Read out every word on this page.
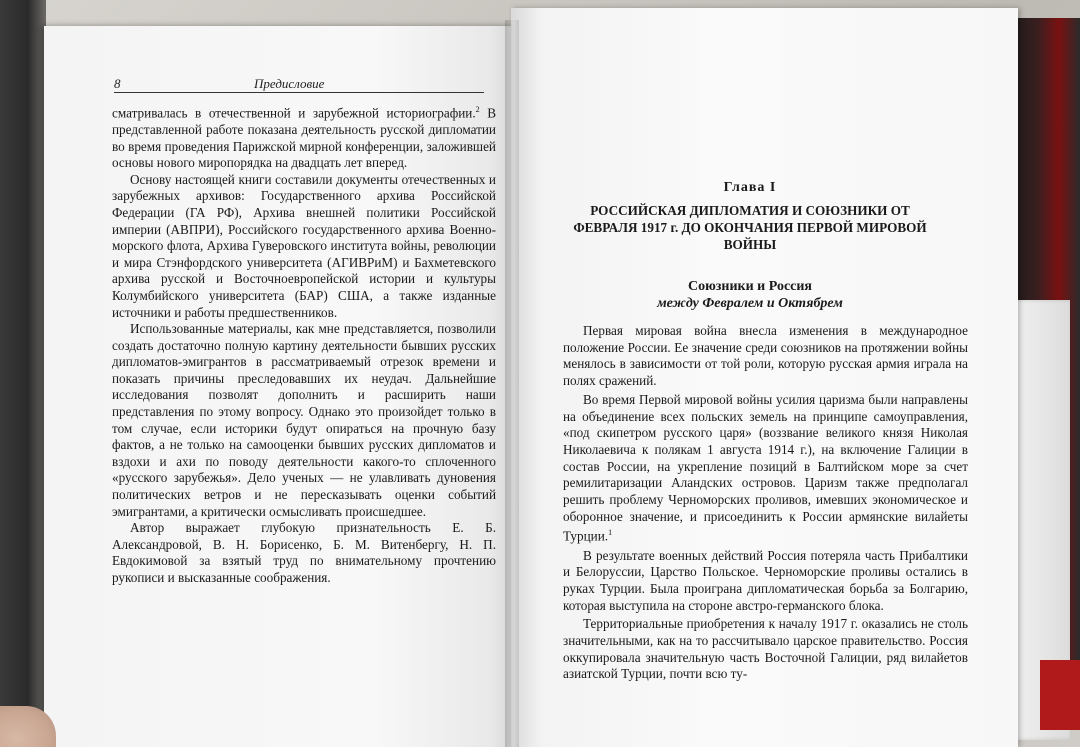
8	Предисловие

сматривалась в отечественной и зарубежной историографии.$^2$ В представленной работе показана деятельность русской дипломатии во время проведения Парижской мирной конференции, заложившей основы нового миропорядка на двадцать лет вперед.

Основу настоящей книги составили документы отечественных и зарубежных архивов: Государственного архива Российской Федерации (ГА РФ), Архива внешней политики Российской империи (АВПРИ), Российского государственного архива Военно-морского флота, Архива Гуверовского института войны, революции и мира Стэнфордского университета (АГИВРиМ) и Бахметевского архива русской и Восточноевропейской истории и культуры Колумбийского университета (БАР) США, а также изданные источники и работы предшественников.

Использованные материалы, как мне представляется, позволили создать достаточно полную картину деятельности бывших русских дипломатов-эмигрантов в рассматриваемый отрезок времени и показать причины преследовавших их неудач. Дальнейшие исследования позволят дополнить и расширить наши представления по этому вопросу. Однако это произойдет только в том случае, если историки будут опираться на прочную базу фактов, а не только на самооценки бывших русских дипломатов и вздохи и ахи по поводу деятельности какого-то сплоченного «русского зарубежья». Дело ученых — не улавливать дуновения политических ветров и не пересказывать оценки событий эмигрантами, а критически осмысливать происшедшее.

Автор выражает глубокую признательность Е. Б. Александровой, В. Н. Борисенко, Б. М. Витенбергу, Н. П. Евдокимовой за взятый труд по внимательному прочтению рукописи и высказанные соображения.

Глава I
РОССИЙСКАЯ ДИПЛОМАТИЯ И СОЮЗНИКИ ОТ ФЕВРАЛЯ 1917 г. ДО ОКОНЧАНИЯ ПЕРВОЙ МИРОВОЙ ВОЙНЫ
Союзники и Россия
между Февралем и Октябрем

Первая мировая война внесла изменения в международное положение России. Ее значение среди союзников на протяжении войны менялось в зависимости от той роли, которую русская армия играла на полях сражений.

Во время Первой мировой войны усилия царизма были направлены на объединение всех польских земель на принципе самоуправления, «под скипетром русского царя» (воззвание великого князя Николая Николаевича к полякам 1 августа 1914 г.), на включение Галиции в состав России, на укрепление позиций в Балтийском море за счет ремилитаризации Аландских островов. Царизм также предполагал решить проблему Черноморских проливов, имевших экономическое и оборонное значение, и присоединить к России армянские вилайеты Турции.$^1$

В результате военных действий Россия потеряла часть Прибалтики и Белоруссии, Царство Польское. Черноморские проливы остались в руках Турции. Была проиграна дипломатическая борьба за Болгарию, которая выступила на стороне австро-германского блока.

Территориальные приобретения к началу 1917 г. оказались не столь значительными, как на то рассчитывало царское правительство. Россия оккупировала значительную часть Восточной Галиции, ряд вилайетов азиатской Турции, почти всю ту-
